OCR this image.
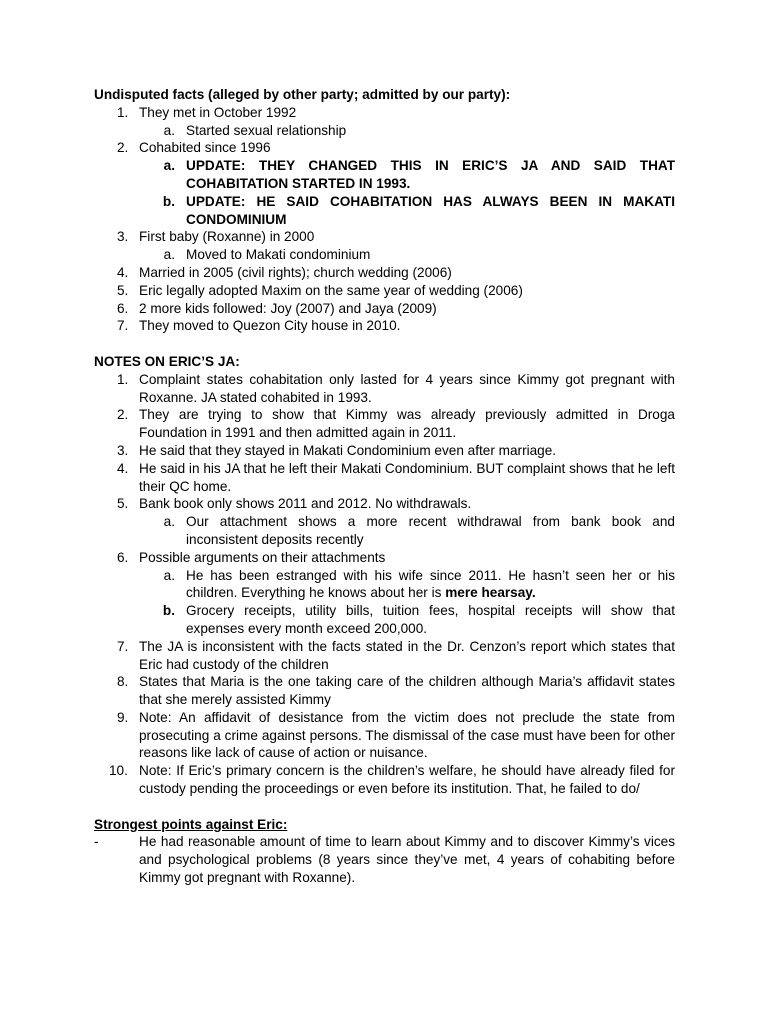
Undisputed facts (alleged by other party; admitted by our party):
1. They met in October 1992
a. Started sexual relationship
2. Cohabited since 1996
a. UPDATE: THEY CHANGED THIS IN ERIC’S JA AND SAID THAT COHABITATION STARTED IN 1993.
b. UPDATE: HE SAID COHABITATION HAS ALWAYS BEEN IN MAKATI CONDOMINIUM
3. First baby (Roxanne) in 2000
a. Moved to Makati condominium
4. Married in 2005 (civil rights); church wedding (2006)
5. Eric legally adopted Maxim on the same year of wedding (2006)
6. 2 more kids followed: Joy (2007) and Jaya (2009)
7. They moved to Quezon City house in 2010.
NOTES ON ERIC’S JA:
1. Complaint states cohabitation only lasted for 4 years since Kimmy got pregnant with Roxanne. JA stated cohabited in 1993.
2. They are trying to show that Kimmy was already previously admitted in Droga Foundation in 1991 and then admitted again in 2011.
3. He said that they stayed in Makati Condominium even after marriage.
4. He said in his JA that he left their Makati Condominium. BUT complaint shows that he left their QC home.
5. Bank book only shows 2011 and 2012. No withdrawals.
a. Our attachment shows a more recent withdrawal from bank book and inconsistent deposits recently
6. Possible arguments on their attachments
a. He has been estranged with his wife since 2011. He hasn’t seen her or his children. Everything he knows about her is mere hearsay.
b. Grocery receipts, utility bills, tuition fees, hospital receipts will show that expenses every month exceed 200,000.
7. The JA is inconsistent with the facts stated in the Dr. Cenzon’s report which states that Eric had custody of the children
8. States that Maria is the one taking care of the children although Maria’s affidavit states that she merely assisted Kimmy
9. Note: An affidavit of desistance from the victim does not preclude the state from prosecuting a crime against persons. The dismissal of the case must have been for other reasons like lack of cause of action or nuisance.
10. Note: If Eric’s primary concern is the children’s welfare, he should have already filed for custody pending the proceedings or even before its institution. That, he failed to do/
Strongest points against Eric:
-	He had reasonable amount of time to learn about Kimmy and to discover Kimmy’s vices and psychological problems (8 years since they’ve met, 4 years of cohabiting before Kimmy got pregnant with Roxanne).
